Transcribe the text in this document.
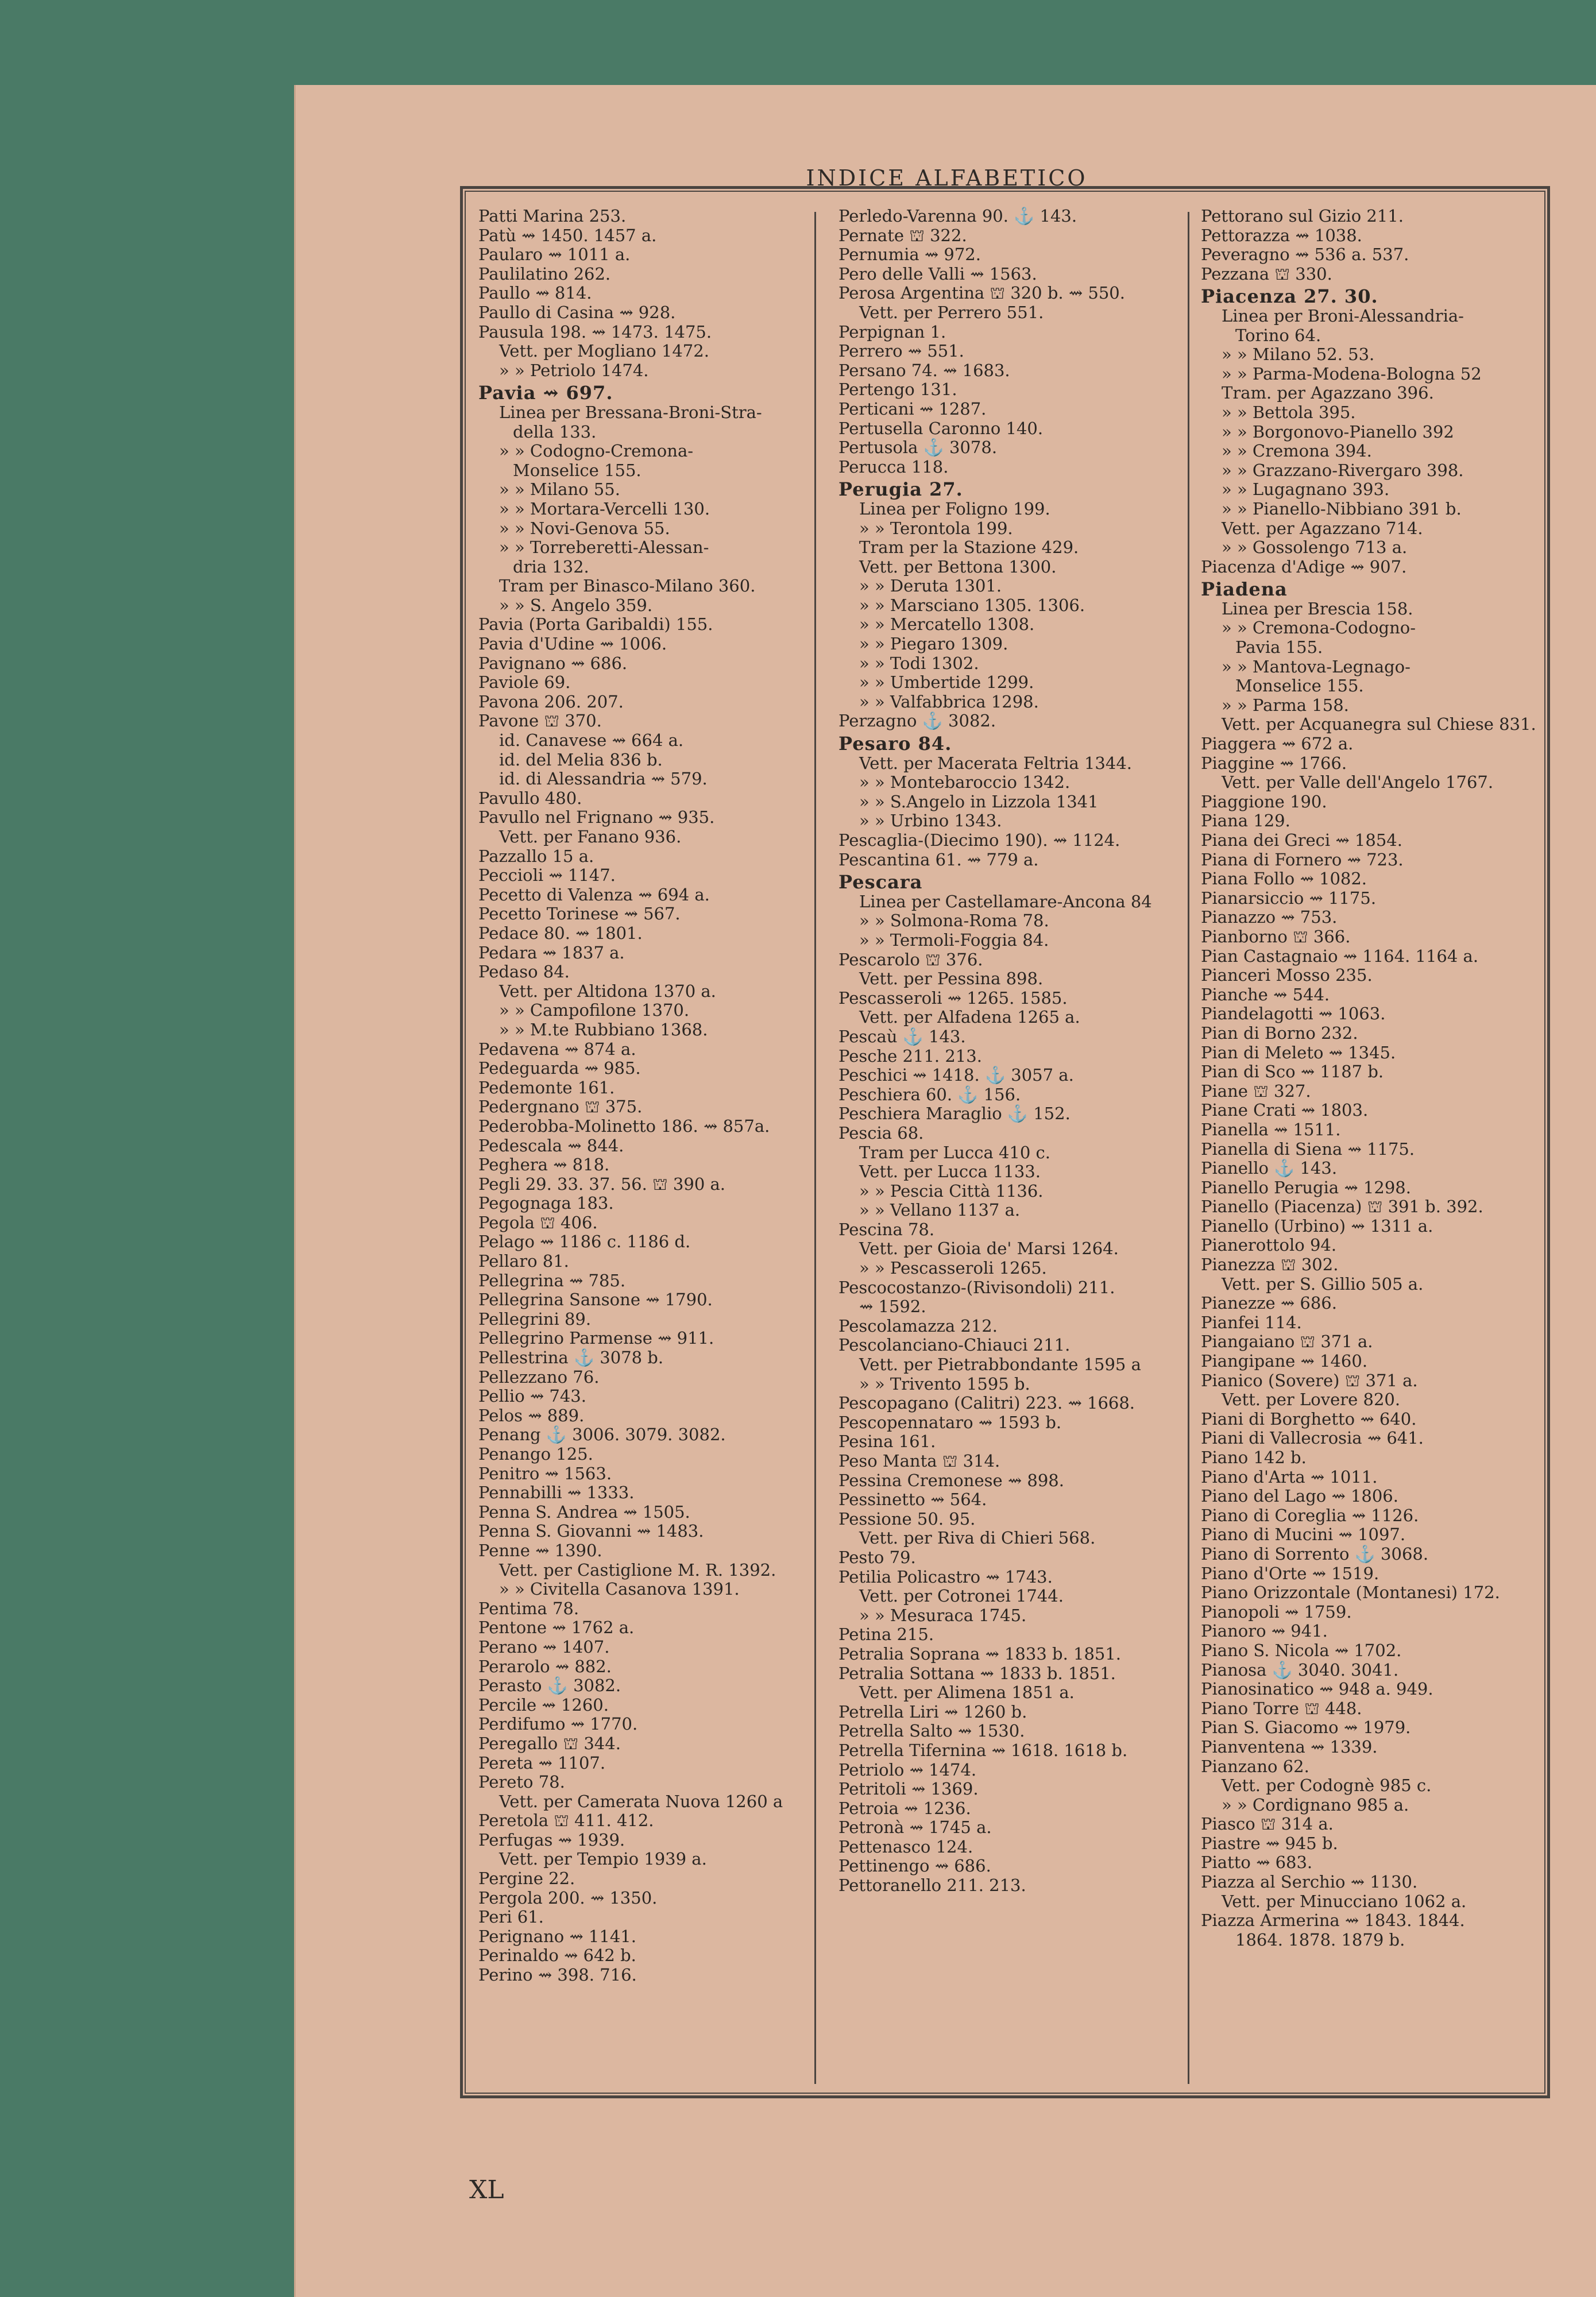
INDICE ALFABETICO
Patti Marina 253.
Patù ⇝ 1450. 1457 a.
Paularo ⇝ 1011 a.
Paulilatino 262.
Paullo ⇝ 814.
Paullo di Casina ⇝ 928.
Pausula 198. ⇝ 1473. 1475.
Vett. per Mogliano 1472.
» » Petriolo 1474.
Pavia ⇝ 697.
Linea per Bressana-Broni-Stra-
della 133.
» » Codogno-Cremona-
Monselice 155.
» » Milano 55.
» » Mortara-Vercelli 130.
» » Novi-Genova 55.
» » Torreberetti-Alessan-
dria 132.
Tram per Binasco-Milano 360.
» » S. Angelo 359.
Pavia (Porta Garibaldi) 155.
Pavia d'Udine ⇝ 1006.
Pavignano ⇝ 686.
Paviole 69.
Pavona 206. 207.
Pavone ⛫ 370.
id. Canavese ⇝ 664 a.
id. del Melia 836 b.
id. di Alessandria ⇝ 579.
Pavullo 480.
Pavullo nel Frignano ⇝ 935.
Vett. per Fanano 936.
Pazzallo 15 a.
Peccioli ⇝ 1147.
Pecetto di Valenza ⇝ 694 a.
Pecetto Torinese ⇝ 567.
Pedace 80. ⇝ 1801.
Pedara ⇝ 1837 a.
Pedaso 84.
Vett. per Altidona 1370 a.
» » Campofilone 1370.
» » M.te Rubbiano 1368.
Pedavena ⇝ 874 a.
Pedeguarda ⇝ 985.
Pedemonte 161.
Pedergnano ⛫ 375.
Pederobba-Molinetto 186. ⇝ 857a.
Pedescala ⇝ 844.
Peghera ⇝ 818.
Pegli 29. 33. 37. 56. ⛫ 390 a.
Pegognaga 183.
Pegola ⛫ 406.
Pelago ⇝ 1186 c. 1186 d.
Pellaro 81.
Pellegrina ⇝ 785.
Pellegrina Sansone ⇝ 1790.
Pellegrini 89.
Pellegrino Parmense ⇝ 911.
Pellestrina ⚓ 3078 b.
Pellezzano 76.
Pellio ⇝ 743.
Pelos ⇝ 889.
Penang ⚓ 3006. 3079. 3082.
Penango 125.
Penitro ⇝ 1563.
Pennabilli ⇝ 1333.
Penna S. Andrea ⇝ 1505.
Penna S. Giovanni ⇝ 1483.
Penne ⇝ 1390.
Vett. per Castiglione M. R. 1392.
» » Civitella Casanova 1391.
Pentima 78.
Pentone ⇝ 1762 a.
Perano ⇝ 1407.
Perarolo ⇝ 882.
Perasto ⚓ 3082.
Percile ⇝ 1260.
Perdifumo ⇝ 1770.
Peregallo ⛫ 344.
Pereta ⇝ 1107.
Pereto 78.
Vett. per Camerata Nuova 1260 a
Peretola ⛫ 411. 412.
Perfugas ⇝ 1939.
Vett. per Tempio 1939 a.
Pergine 22.
Pergola 200. ⇝ 1350.
Peri 61.
Perignano ⇝ 1141.
Perinaldo ⇝ 642 b.
Perino ⇝ 398. 716.
Perledo-Varenna 90. ⚓ 143.
Pernate ⛫ 322.
Pernumia ⇝ 972.
Pero delle Valli ⇝ 1563.
Perosa Argentina ⛫ 320 b. ⇝ 550.
Vett. per Perrero 551.
Perpignan 1.
Perrero ⇝ 551.
Persano 74. ⇝ 1683.
Pertengo 131.
Perticani ⇝ 1287.
Pertusella Caronno 140.
Pertusola ⚓ 3078.
Perucca 118.
Perugia 27.
Linea per Foligno 199.
» » Terontola 199.
Tram per la Stazione 429.
Vett. per Bettona 1300.
» » Deruta 1301.
» » Marsciano 1305. 1306.
» » Mercatello 1308.
» » Piegaro 1309.
» » Todi 1302.
» » Umbertide 1299.
» » Valfabbrica 1298.
Perzagno ⚓ 3082.
Pesaro 84.
Vett. per Macerata Feltria 1344.
» » Montebaroccio 1342.
» » S.Angelo in Lizzola 1341
» » Urbino 1343.
Pescaglia-(Diecimo 190). ⇝ 1124.
Pescantina 61. ⇝ 779 a.
Pescara
Linea per Castellamare-Ancona 84
» » Solmona-Roma 78.
» » Termoli-Foggia 84.
Pescarolo ⛫ 376.
Vett. per Pessina 898.
Pescasseroli ⇝ 1265. 1585.
Vett. per Alfadena 1265 a.
Pescaù ⚓ 143.
Pesche 211. 213.
Peschici ⇝ 1418. ⚓ 3057 a.
Peschiera 60. ⚓ 156.
Peschiera Maraglio ⚓ 152.
Pescia 68.
Tram per Lucca 410 c.
Vett. per Lucca 1133.
» » Pescia Città 1136.
» » Vellano 1137 a.
Pescina 78.
Vett. per Gioia de' Marsi 1264.
» » Pescasseroli 1265.
Pescocostanzo-(Rivisondoli) 211.
⇝ 1592.
Pescolamazza 212.
Pescolanciano-Chiauci 211.
Vett. per Pietrabbondante 1595 a
» » Trivento 1595 b.
Pescopagano (Calitri) 223. ⇝ 1668.
Pescopennataro ⇝ 1593 b.
Pesina 161.
Peso Manta ⛫ 314.
Pessina Cremonese ⇝ 898.
Pessinetto ⇝ 564.
Pessione 50. 95.
Vett. per Riva di Chieri 568.
Pesto 79.
Petilia Policastro ⇝ 1743.
Vett. per Cotronei 1744.
» » Mesuraca 1745.
Petina 215.
Petralia Soprana ⇝ 1833 b. 1851.
Petralia Sottana ⇝ 1833 b. 1851.
Vett. per Alimena 1851 a.
Petrella Liri ⇝ 1260 b.
Petrella Salto ⇝ 1530.
Petrella Tifernina ⇝ 1618. 1618 b.
Petriolo ⇝ 1474.
Petritoli ⇝ 1369.
Petroia ⇝ 1236.
Petronà ⇝ 1745 a.
Pettenasco 124.
Pettinengo ⇝ 686.
Pettoranello 211. 213.
Pettorano sul Gizio 211.
Pettorazza ⇝ 1038.
Peveragno ⇝ 536 a. 537.
Pezzana ⛫ 330.
Piacenza 27. 30.
Linea per Broni-Alessandria-
Torino 64.
» » Milano 52. 53.
» » Parma-Modena-Bologna 52
Tram. per Agazzano 396.
» » Bettola 395.
» » Borgonovo-Pianello 392
» » Cremona 394.
» » Grazzano-Rivergaro 398.
» » Lugagnano 393.
» » Pianello-Nibbiano 391 b.
Vett. per Agazzano 714.
» » Gossolengo 713 a.
Piacenza d'Adige ⇝ 907.
Piadena
Linea per Brescia 158.
» » Cremona-Codogno-
Pavia 155.
» » Mantova-Legnago-
Monselice 155.
» » Parma 158.
Vett. per Acquanegra sul Chiese 831.
Piaggera ⇝ 672 a.
Piaggine ⇝ 1766.
Vett. per Valle dell'Angelo 1767.
Piaggione 190.
Piana 129.
Piana dei Greci ⇝ 1854.
Piana di Fornero ⇝ 723.
Piana Follo ⇝ 1082.
Pianarsiccio ⇝ 1175.
Pianazzo ⇝ 753.
Pianborno ⛫ 366.
Pian Castagnaio ⇝ 1164. 1164 a.
Pianceri Mosso 235.
Pianche ⇝ 544.
Piandelagotti ⇝ 1063.
Pian di Borno 232.
Pian di Meleto ⇝ 1345.
Pian di Sco ⇝ 1187 b.
Piane ⛫ 327.
Piane Crati ⇝ 1803.
Pianella ⇝ 1511.
Pianella di Siena ⇝ 1175.
Pianello ⚓ 143.
Pianello Perugia ⇝ 1298.
Pianello (Piacenza) ⛫ 391 b. 392.
Pianello (Urbino) ⇝ 1311 a.
Pianerottolo 94.
Pianezza ⛫ 302.
Vett. per S. Gillio 505 a.
Pianezze ⇝ 686.
Pianfei 114.
Piangaiano ⛫ 371 a.
Piangipane ⇝ 1460.
Pianico (Sovere) ⛫ 371 a.
Vett. per Lovere 820.
Piani di Borghetto ⇝ 640.
Piani di Vallecrosia ⇝ 641.
Piano 142 b.
Piano d'Arta ⇝ 1011.
Piano del Lago ⇝ 1806.
Piano di Coreglia ⇝ 1126.
Piano di Mucini ⇝ 1097.
Piano di Sorrento ⚓ 3068.
Piano d'Orte ⇝ 1519.
Piano Orizzontale (Montanesi) 172.
Pianopoli ⇝ 1759.
Pianoro ⇝ 941.
Piano S. Nicola ⇝ 1702.
Pianosa ⚓ 3040. 3041.
Pianosinatico ⇝ 948 a. 949.
Piano Torre ⛫ 448.
Pian S. Giacomo ⇝ 1979.
Pianventena ⇝ 1339.
Pianzano 62.
Vett. per Codognè 985 c.
» » Cordignano 985 a.
Piasco ⛫ 314 a.
Piastre ⇝ 945 b.
Piatto ⇝ 683.
Piazza al Serchio ⇝ 1130.
Vett. per Minucciano 1062 a.
Piazza Armerina ⇝ 1843. 1844.
1864. 1878. 1879 b.
XL
